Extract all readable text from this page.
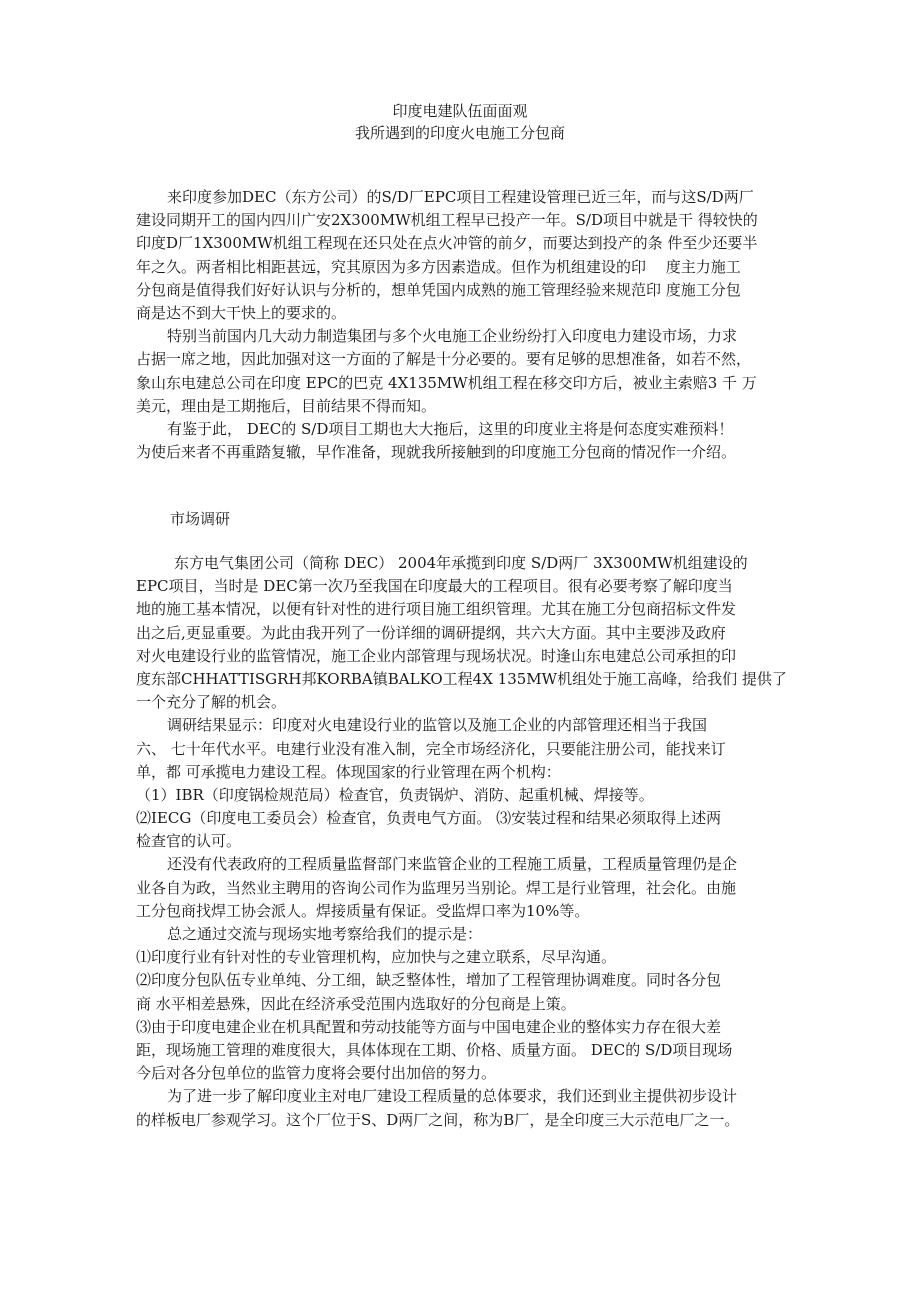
印度电建队伍面面观
我所遇到的印度火电施工分包商
来印度参加DEC（东方公司）的S/D厂EPC项目工程建设管理已近三年，而与这S/D两厂
建设同期开工的国内四川广安2X300MW机组工程早已投产一年。S/D项目中就是干 得较快的
印度D厂1X300MW机组工程现在还只处在点火冲管的前夕，而要达到投产的条 件至少还要半
年之久。两者相比相距甚远，究其原因为多方因素造成。但作为机组建设的印　 度主力施工
分包商是值得我们好好认识与分析的，想单凭国内成熟的施工管理经验来规范印 度施工分包
商是达不到大干快上的要求的。
特别当前国内几大动力制造集团与多个火电施工企业纷纷打入印度电力建设市场，力求
占据一席之地，因此加强对这一方面的了解是十分必要的。要有足够的思想准备，如若不然，
象山东电建总公司在印度 EPC的巴克 4X135MW机组工程在移交印方后，被业主索赔3 千 万
美元，理由是工期拖后，目前结果不得而知。
有鉴于此， DEC的 S/D项目工期也大大拖后，这里的印度业主将是何态度实难预料！
为使后来者不再重踏复辙，早作准备，现就我所接触到的印度施工分包商的情况作一介绍。
市场调研
东方电气集团公司（简称 DEC） 2004年承揽到印度 S/D两厂 3X300MW机组建设的
EPC项目，当时是 DEC第一次乃至我国在印度最大的工程项目。很有必要考察了解印度当
地的施工基本情况，以便有针对性的进行项目施工组织管理。尤其在施工分包商招标文件发
出之后,更显重要。为此由我开列了一份详细的调研提纲，共六大方面。其中主要涉及政府
对火电建设行业的监管情况，施工企业内部管理与现场状况。时逢山东电建总公司承担的印
度东部CHHATTISGRH邦KORBA镇BALKO工程4X 135MW机组处于施工高峰，给我们 提供了
一个充分了解的机会。
调研结果显示：印度对火电建设行业的监管以及施工企业的内部管理还相当于我国
六、 七十年代水平。电建行业没有准入制，完全市场经济化，只要能注册公司，能找来订
单，都 可承揽电力建设工程。体现国家的行业管理在两个机构：
（1）IBR（印度锅检规范局）检查官，负责锅炉、消防、起重机械、焊接等。
⑵IECG（印度电工委员会）检查官，负责电气方面。 ⑶安装过程和结果必须取得上述两
检查官的认可。
还没有代表政府的工程质量监督部门来监管企业的工程施工质量，工程质量管理仍是企
业各自为政，当然业主聘用的咨询公司作为监理另当别论。焊工是行业管理，社会化。由施
工分包商找焊工协会派人。焊接质量有保证。受监焊口率为10%等。
总之通过交流与现场实地考察给我们的提示是：
⑴印度行业有针对性的专业管理机构，应加快与之建立联系，尽早沟通。
⑵印度分包队伍专业单纯、分工细，缺乏整体性，增加了工程管理协调难度。同时各分包
商 水平相差悬殊，因此在经济承受范围内选取好的分包商是上策。
⑶由于印度电建企业在机具配置和劳动技能等方面与中国电建企业的整体实力存在很大差
距，现场施工管理的难度很大，具体体现在工期、价格、质量方面。 DEC的 S/D项目现场
今后对各分包单位的监管力度将会要付出加倍的努力。
为了进一步了解印度业主对电厂建设工程质量的总体要求，我们还到业主提供初步设计
的样板电厂参观学习。这个厂位于S、D两厂之间，称为B厂，是全印度三大示范电厂之一。
